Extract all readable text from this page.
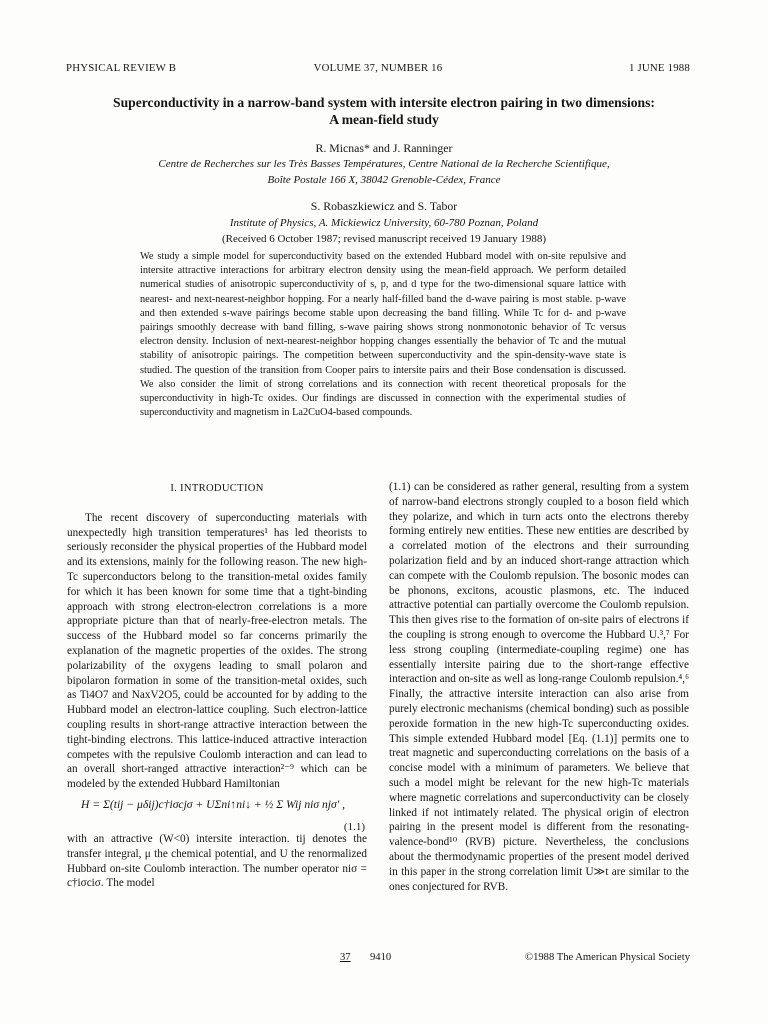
PHYSICAL REVIEW B	VOLUME 37, NUMBER 16	1 JUNE 1988
Superconductivity in a narrow-band system with intersite electron pairing in two dimensions: A mean-field study
R. Micnas* and J. Ranninger
Centre de Recherches sur les Très Basses Températures, Centre National de la Recherche Scientifique,
Boîte Postale 166 X, 38042 Grenoble-Cédex, France
S. Robaszkiewicz and S. Tabor
Institute of Physics, A. Mickiewicz University, 60-780 Poznan, Poland
(Received 6 October 1987; revised manuscript received 19 January 1988)
We study a simple model for superconductivity based on the extended Hubbard model with on-site repulsive and intersite attractive interactions for arbitrary electron density using the mean-field approach. We perform detailed numerical studies of anisotropic superconductivity of s, p, and d type for the two-dimensional square lattice with nearest- and next-nearest-neighbor hopping. For a nearly half-filled band the d-wave pairing is most stable. p-wave and then extended s-wave pairings become stable upon decreasing the band filling. While Tc for d- and p-wave pairings smoothly decrease with band filling, s-wave pairing shows strong nonmonotonic behavior of Tc versus electron density. Inclusion of next-nearest-neighbor hopping changes essentially the behavior of Tc and the mutual stability of anisotropic pairings. The competition between superconductivity and the spin-density-wave state is studied. The question of the transition from Cooper pairs to intersite pairs and their Bose condensation is discussed. We also consider the limit of strong correlations and its connection with recent theoretical proposals for the superconductivity in high-Tc oxides. Our findings are discussed in connection with the experimental studies of superconductivity and magnetism in La2CuO4-based compounds.
I. INTRODUCTION

The recent discovery of superconducting materials with unexpectedly high transition temperatures¹ has led theorists to seriously reconsider the physical properties of the Hubbard model and its extensions, mainly for the following reason. The new high-Tc superconductors belong to the transition-metal oxides family for which it has been known for some time that a tight-binding approach with strong electron-electron correlations is a more appropriate picture than that of nearly-free-electron metals. The success of the Hubbard model so far concerns primarily the explanation of the magnetic properties of the oxides. The strong polarizability of the oxygens leading to small polaron and bipolaron formation in some of the transition-metal oxides, such as Ti4O7 and NaxV2O5, could be accounted for by adding to the Hubbard model an electron-lattice coupling. Such electron-lattice coupling results in short-range attractive interaction between the tight-binding electrons. This lattice-induced attractive interaction competes with the repulsive Coulomb interaction and can lead to an overall short-ranged attractive interaction²⁻⁹ which can be modeled by the extended Hubbard Hamiltonian

H = Σ(tij − μδij)c†iσcjσ + UΣni↑ni↓ + ½ Σ Wij niσ njσ′ ,
(1.1)

with an attractive (W<0) intersite interaction. tij denotes the transfer integral, μ the chemical potential, and U the renormalized Hubbard on-site Coulomb interaction. The number operator niσ = c†iσciσ. The model

(1.1) can be considered as rather general, resulting from a system of narrow-band electrons strongly coupled to a boson field which they polarize, and which in turn acts onto the electrons thereby forming entirely new entities. These new entities are described by a correlated motion of the electrons and their surrounding polarization field and by an induced short-range attraction which can compete with the Coulomb repulsion. The bosonic modes can be phonons, excitons, acoustic plasmons, etc. The induced attractive potential can partially overcome the Coulomb repulsion. This then gives rise to the formation of on-site pairs of electrons if the coupling is strong enough to overcome the Hubbard U.³,⁷ For less strong coupling (intermediate-coupling regime) one has essentially intersite pairing due to the short-range effective interaction and on-site as well as long-range Coulomb repulsion.⁴,⁶ Finally, the attractive intersite interaction can also arise from purely electronic mechanisms (chemical bonding) such as possible peroxide formation in the new high-Tc superconducting oxides. This simple extended Hubbard model [Eq. (1.1)] permits one to treat magnetic and superconducting correlations on the basis of a concise model with a minimum of parameters. We believe that such a model might be relevant for the new high-Tc materials where magnetic correlations and superconductivity can be closely linked if not intimately related. The physical origin of electron pairing in the present model is different from the resonating-valence-bond¹⁰ (RVB) picture. Nevertheless, the conclusions about the thermodynamic properties of the present model derived in this paper in the strong correlation limit U≫t are similar to the ones conjectured for RVB.

37 9410	©1988 The American Physical Society
